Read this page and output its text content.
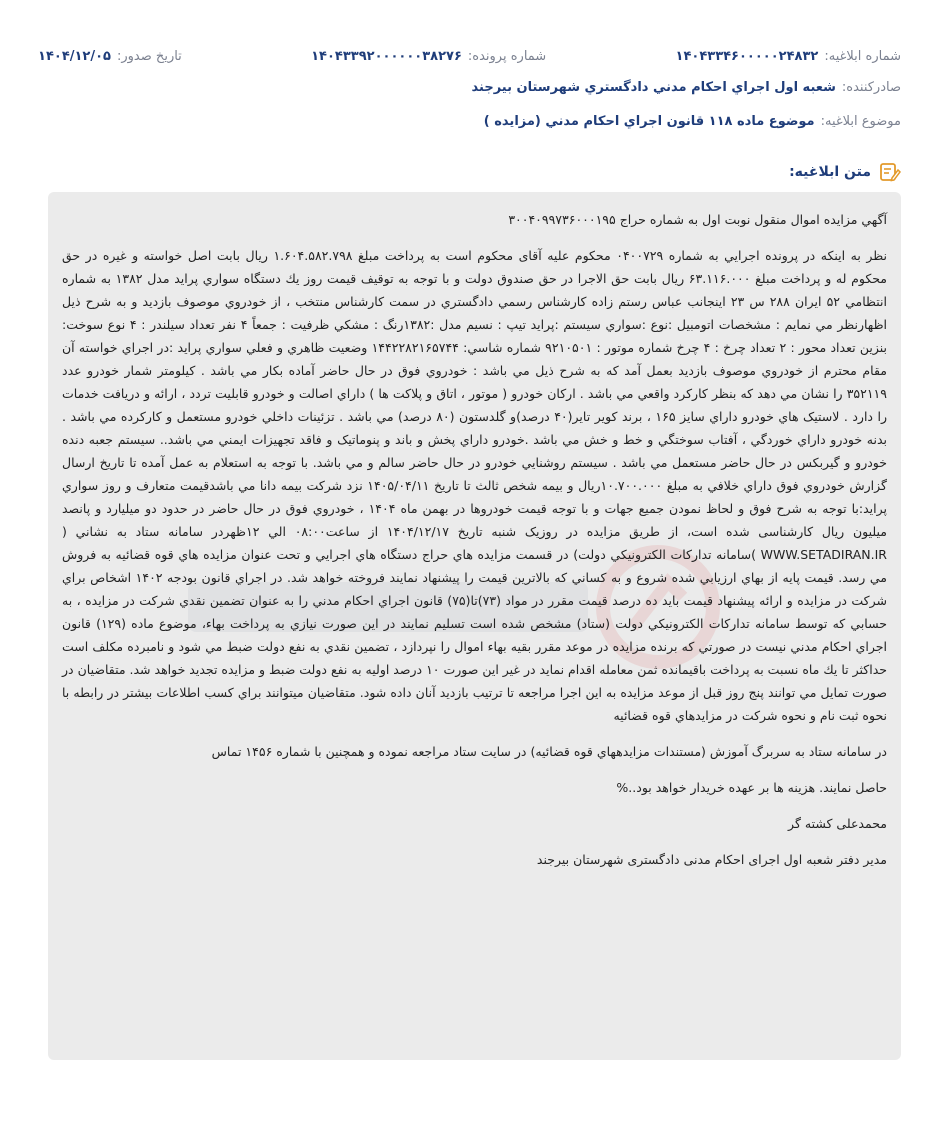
شماره ابلاغیه:
۱۴۰۴۳۳۴۶۰۰۰۰۰۲۴۸۳۲
شماره پرونده:
۱۴۰۴۳۳۹۲۰۰۰۰۰۰۳۸۲۷۶
تاریخ صدور:
۱۴۰۴/۱۲/۰۵
صادرکننده:
شعبه اول اجراي احکام مدني دادگستري شهرستان بيرجند
موضوع ابلاغیه:
موضوع ماده ۱۱۸ قانون اجراي احکام مدني (مزايده )
متن ابلاغیه:

آگهي مزايده اموال منقول نوبت اول به شماره حراج ۳۰۰۴۰۹۹۷۳۶۰۰۰۱۹۵

نظر به اينکه در پرونده اجرايي به شماره ۰۴۰۰۷۲۹ محکوم عليه آقاى محکوم است به پرداخت مبلغ ۱.۶۰۴.۵۸۲.۷۹۸ ريال بابت اصل خواسته و غيره در حق محکوم له و پرداخت مبلغ ۶۳.۱۱۶.۰۰۰ ريال بابت حق الاجرا در حق صندوق دولت و با توجه به توقيف قيمت روز يك دستگاه سواري پرايد مدل ۱۳۸۲ به شماره انتظامي ۵۲ ايران ۲۸۸ س ۲۳ اينجانب عباس رستم زاده کارشناس رسمي دادگستري در سمت کارشناس منتخب ، از خودروي موصوف بازديد و به شرح ذيل اظهارنظر مي نمايم : مشخصات اتومبيل :نوع :سواري سيستم :پرايد تيپ : نسيم مدل :۱۳۸۲رنگ : مشکي ظرفيت : جمعاً ۴ نفر تعداد سيلندر : ۴ نوع سوخت: بنزين تعداد محور : ۲ تعداد چرخ : ۴ چرخ شماره موتور : ۹۲۱۰۵۰۱ شماره شاسي: ۱۴۴۲۲۸۲۱۶۵۷۴۴ وضعيت ظاهري و فعلي سواري پرايد :در اجراي خواسته آن مقام محترم از خودروي موصوف بازديد بعمل آمد که به شرح ذيل مي باشد : خودروي فوق در حال حاضر آماده بکار مي باشد . کيلومتر شمار خودرو عدد ۳۵۲۱۱۹ را نشان مي دهد که بنظر کارکرد واقعي مي باشد . ارکان خودرو ( موتور ، اتاق و پلاکت ها ) داراي اصالت و خودرو قابليت تردد ، ارائه و دريافت خدمات را دارد . لاستيک هاي خودرو داراي سايز ۱۶۵ ، برند کوير تاير(۴۰ درصد)و گلدستون (۸۰ درصد) مي باشد . تزئينات داخلي خودرو مستعمل و کارکرده مي باشد . بدنه خودرو داراي خوردگي ، آفتاب سوختگي و خط و خش مي باشد .خودرو داراي پخش و باند و پنوماتيک و فاقد تجهيزات ايمني مي باشد.. سيستم جعبه دنده خودرو و گيربکس در حال حاضر مستعمل مي باشد . سيستم روشنايي خودرو در حال حاضر سالم و مي باشد. با توجه به استعلام به عمل آمده تا تاريخ ارسال گزارش خودروي فوق داراي خلافي به مبلغ ۱۰.۷۰۰.۰۰۰ريال و بيمه شخص ثالث تا تاريخ ۱۴۰۵/۰۴/۱۱ نزد شرکت بيمه دانا مي باشدقيمت متعارف و روز سواري پرايد:با توجه به شرح فوق و لحاظ نمودن جميع جهات و با توجه قيمت خودروها در بهمن ماه ۱۴۰۴ ، خودروي فوق در حال حاضر در حدود دو ميليارد و پانصد ميليون ريال کارشناسی شده است، از طريق مزايده در روزيک شنبه تاريخ ۱۴۰۴/۱۲/۱۷ از ساعت۰۸:۰۰ الي ۱۲ظهردر سامانه ستاد به نشاني ( WWW.SETADIRAN.IR )سامانه تدارکات الکترونيکي دولت) در قسمت مزايده هاي حراج دستگاه هاي اجرايي و تحت عنوان مزايده هاي قوه قضائيه به فروش مي رسد. قيمت پايه از بهاي ارزيابي شده شروع و به کساني که بالاترين قيمت را پيشنهاد نمايند فروخته خواهد شد. در اجراي قانون بودجه ۱۴۰۲ اشخاص براي شرکت در مزايده و ارائه پيشنهاد قيمت بايد ده درصد قيمت مقرر در مواد (۷۳)تا(۷۵) قانون اجراي احکام مدني را به عنوان تضمين نقدي شرکت در مزايده ، به حسابي که توسط سامانه تدارکات الکترونيکي دولت (ستاد) مشخص شده است تسليم نمايند در اين صورت نيازي به پرداخت بهاء، موضوع ماده (۱۲۹) قانون اجراي احکام مدني نيست در صورتي که برنده مزايده در موعد مقرر بقيه بهاء اموال را نپردازد ، تضمين نقدي به نفع دولت ضبط مي شود و نامبرده مکلف است حداکثر تا يك ماه نسبت به پرداخت باقيمانده ثمن معامله اقدام نمايد در غير اين صورت ۱۰ درصد اوليه به نفع دولت ضبط و مزايده تجديد خواهد شد. متقاضيان در صورت تمايل مي توانند پنج روز قبل از موعد مزايده به اين اجرا مراجعه تا ترتيب بازديد آنان داده شود. متقاضيان ميتوانند براي کسب اطلاعات بيشتر در رابطه با نحوه ثبت نام و نحوه شرکت در مزايدهاي قوه قضائيه

در سامانه ستاد به سربرگ آموزش (مستندات مزايدههاي قوه قضائيه) در سايت ستاد مراجعه نموده و همچنين با شماره ۱۴۵۶ تماس

حاصل نمايند. هزينه ها بر عهده خريدار خواهد بود..%

محمدعلی کشته گر

مدير دفتر شعبه اول اجرای احکام مدنی دادگستری شهرستان بيرجند
